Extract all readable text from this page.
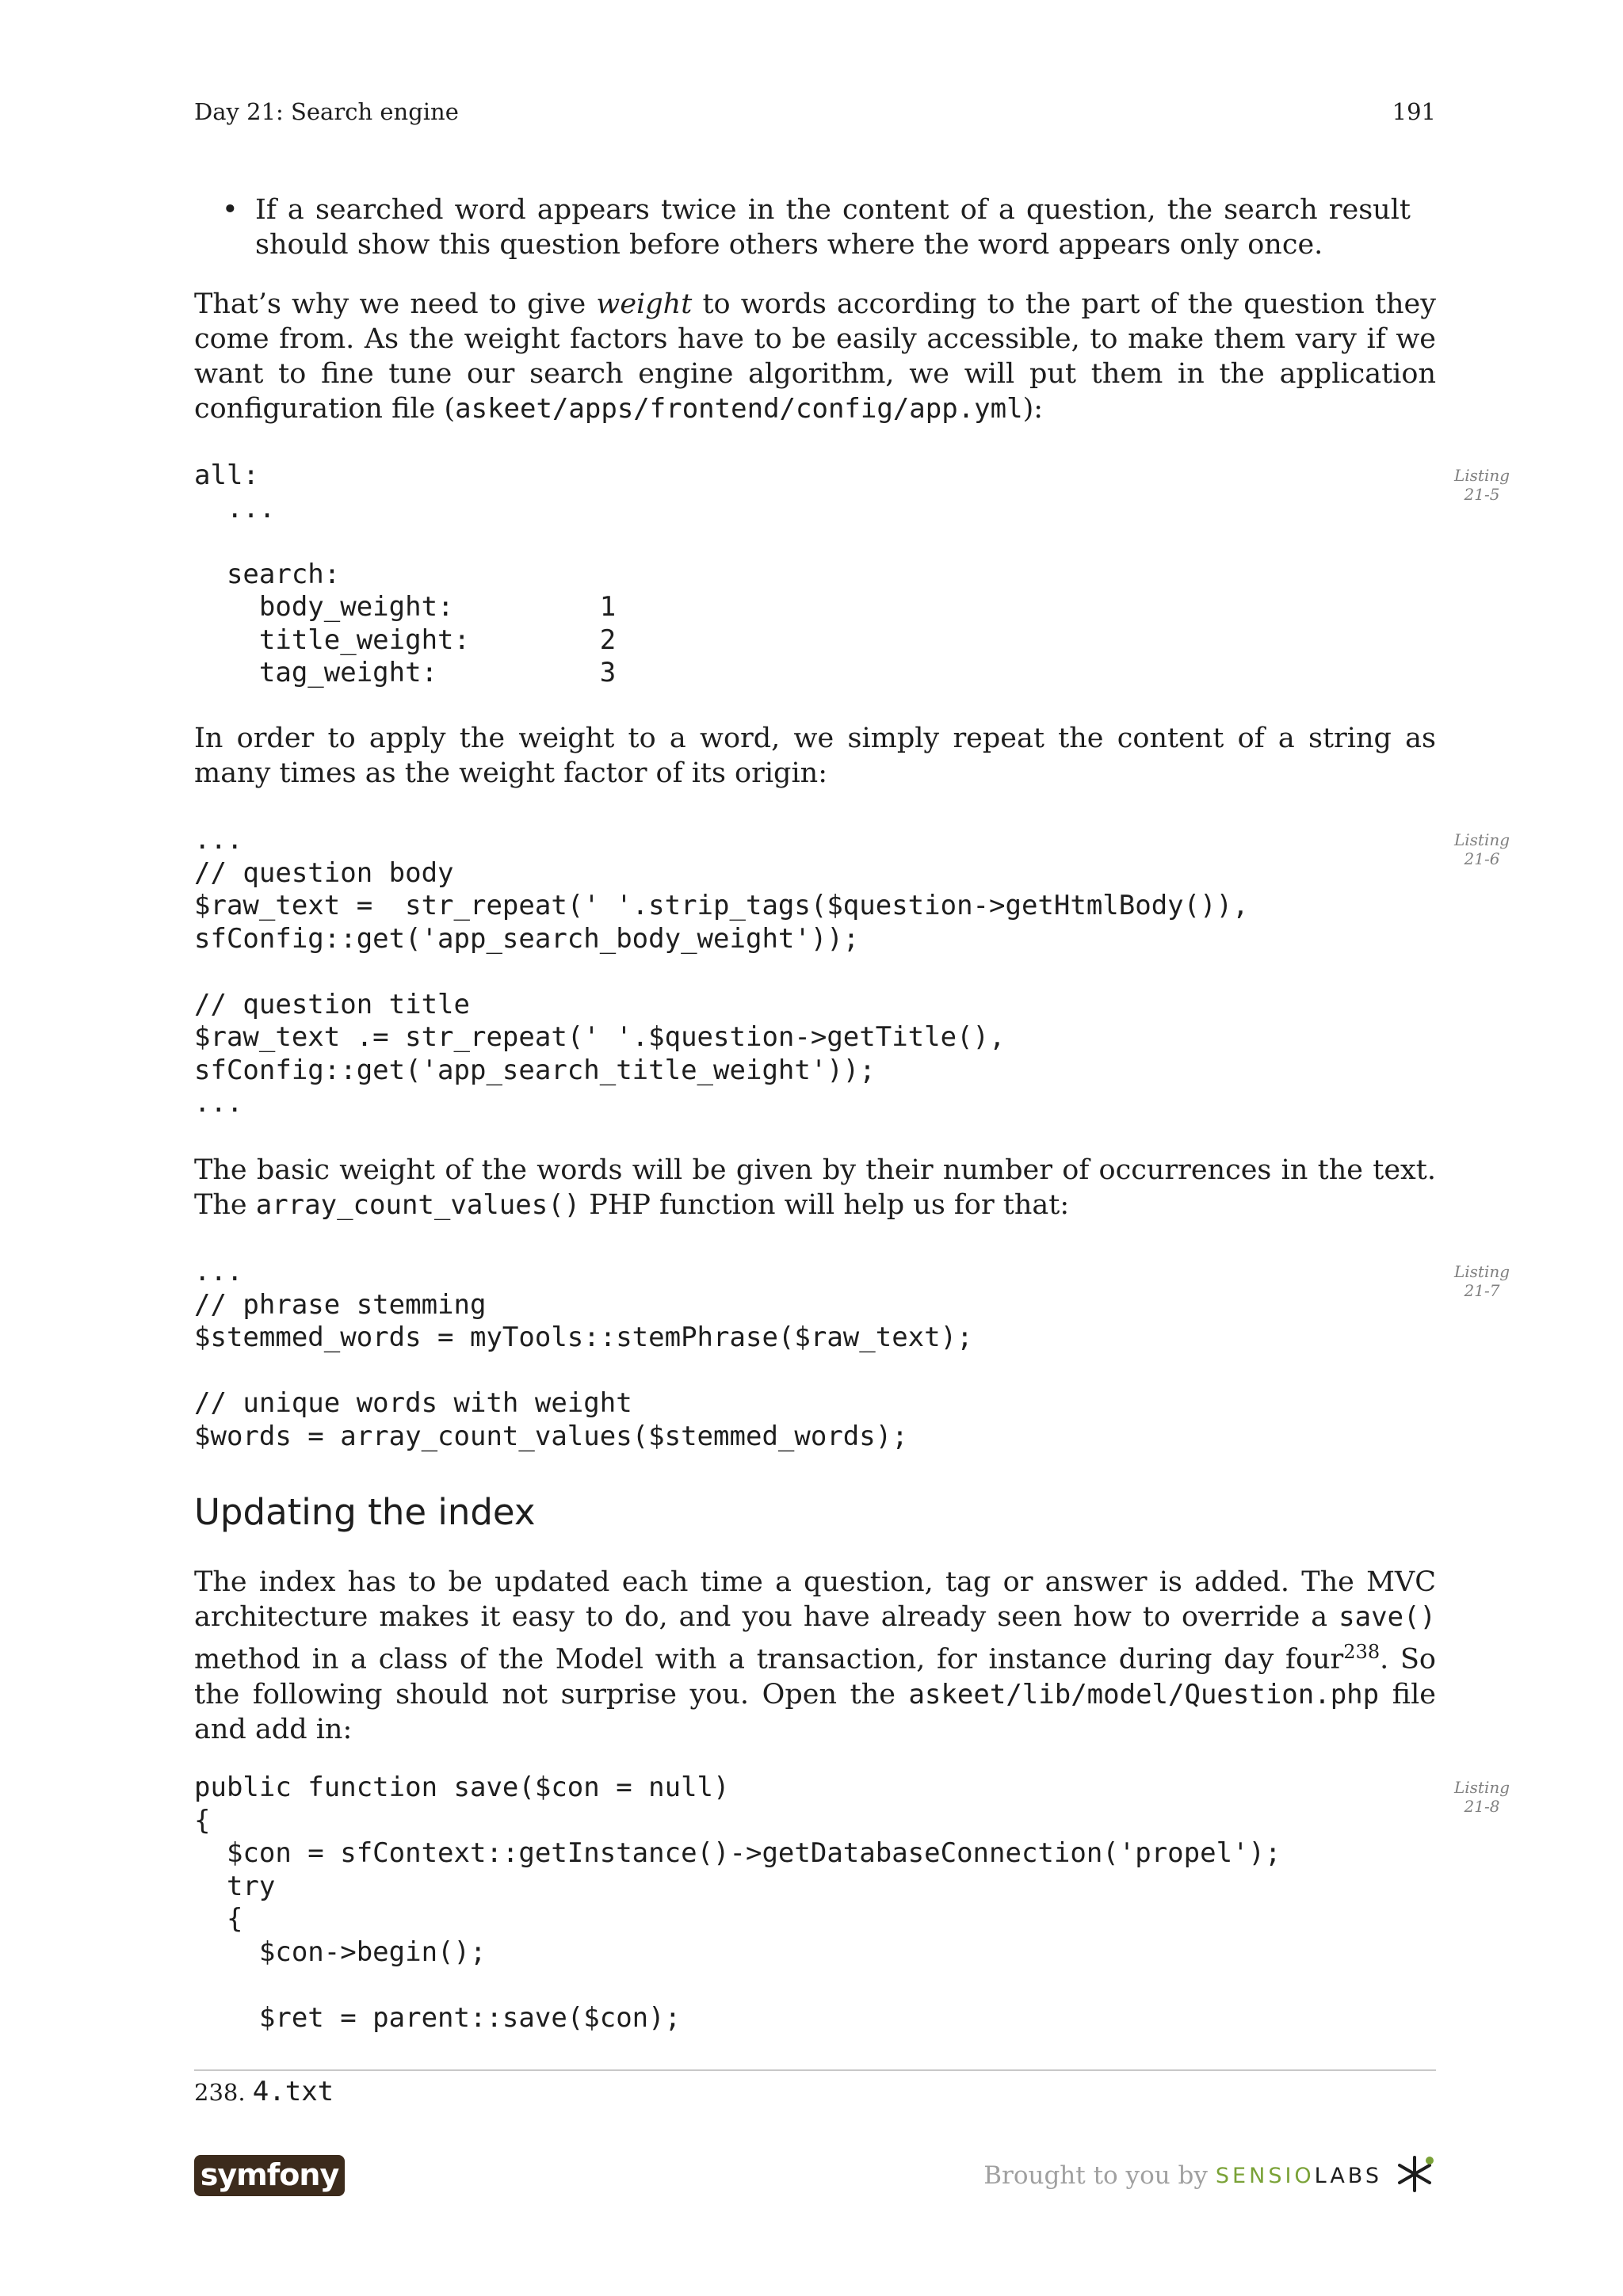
Day 21: Search engine	191
• If a searched word appears twice in the content of a question, the search result should show this question before others where the word appears only once.

That’s why we need to give weight to words according to the part of the question they come from. As the weight factors have to be easily accessible, to make them vary if we want to fine tune our search engine algorithm, we will put them in the application configuration file (askeet/apps/frontend/config/app.yml):

all:
...

search:
body_weight:         1
title_weight:        2
tag_weight:          3
Listing
21-5

In order to apply the weight to a word, we simply repeat the content of a string as many times as the weight factor of its origin:

...
// question body
$raw_text =  str_repeat(' '.strip_tags($question->getHtmlBody()),
sfConfig::get('app_search_body_weight'));

// question title
$raw_text .= str_repeat(' '.$question->getTitle(),
sfConfig::get('app_search_title_weight'));
...
Listing
21-6

The basic weight of the words will be given by their number of occurrences in the text. The array_count_values() PHP function will help us for that:

...
// phrase stemming
$stemmed_words = myTools::stemPhrase($raw_text);

// unique words with weight
$words = array_count_values($stemmed_words);
Listing
21-7
Updating the index

The index has to be updated each time a question, tag or answer is added. The MVC architecture makes it easy to do, and you have already seen how to override a save() method in a class of the Model with a transaction, for instance during day four$^{238}$. So the following should not surprise you. Open the askeet/lib/model/Question.php file and add in:

public function save($con = null)
{
$con = sfContext::getInstance()->getDatabaseConnection('propel');
try
{
$con->begin();

$ret = parent::save($con);
Listing
21-8
238. 4.txt
symfony	Brought to you by SENSIO LABS
